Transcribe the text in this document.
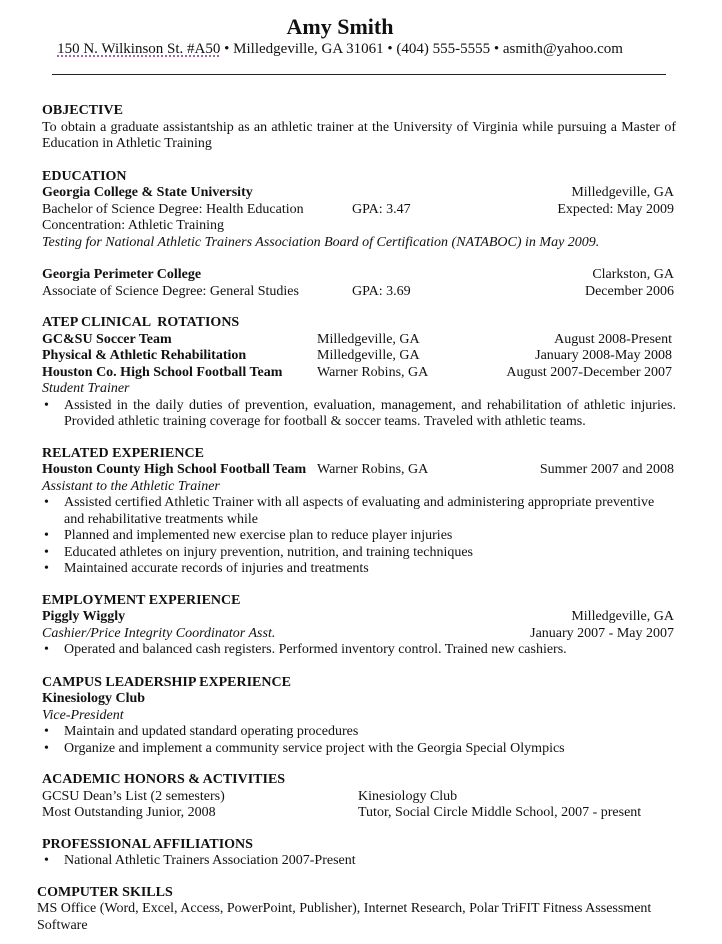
Amy Smith
150 N. Wilkinson St. #A50 • Milledgeville, GA 31061 • (404) 555-5555 • asmith@yahoo.com
OBJECTIVE
To obtain a graduate assistantship as an athletic trainer at the University of Virginia while pursuing a Master of Education in Athletic Training
EDUCATION
Georgia College & State University	Milledgeville, GA
Bachelor of Science Degree: Health Education	GPA: 3.47	Expected: May 2009
Concentration: Athletic Training
Testing for National Athletic Trainers Association Board of Certification (NATABOC) in May 2009.
Georgia Perimeter College	Clarkston, GA
Associate of Science Degree: General Studies	GPA: 3.69	December 2006
ATEP CLINICAL  ROTATIONS
GC&SU Soccer Team	Milledgeville, GA	August 2008-Present
Physical & Athletic Rehabilitation	Milledgeville, GA	January 2008-May 2008
Houston Co. High School Football Team Warner Robins, GA	August 2007-December 2007
Student Trainer
• Assisted in the daily duties of prevention, evaluation, management, and rehabilitation of athletic injuries. Provided athletic training coverage for football & soccer teams. Traveled with athletic teams.
RELATED EXPERIENCE
Houston County High School Football Team Warner Robins, GA	Summer 2007 and 2008
Assistant to the Athletic Trainer
• Assisted certified Athletic Trainer with all aspects of evaluating and administering appropriate preventive and rehabilitative treatments while
• Planned and implemented new exercise plan to reduce player injuries
• Educated athletes on injury prevention, nutrition, and training techniques
• Maintained accurate records of injuries and treatments
EMPLOYMENT EXPERIENCE
Piggly Wiggly	Milledgeville, GA
Cashier/Price Integrity Coordinator Asst.	January 2007 - May 2007
• Operated and balanced cash registers. Performed inventory control. Trained new cashiers.
CAMPUS LEADERSHIP EXPERIENCE
Kinesiology Club
Vice-President
• Maintain and updated standard operating procedures
• Organize and implement a community service project with the Georgia Special Olympics
ACADEMIC HONORS & ACTIVITIES
GCSU Dean’s List (2 semesters)	Kinesiology Club
Most Outstanding Junior, 2008	Tutor, Social Circle Middle School, 2007 - present
PROFESSIONAL AFFILIATIONS
• National Athletic Trainers Association 2007-Present
COMPUTER SKILLS
MS Office (Word, Excel, Access, PowerPoint, Publisher), Internet Research, Polar TriFIT Fitness Assessment Software
